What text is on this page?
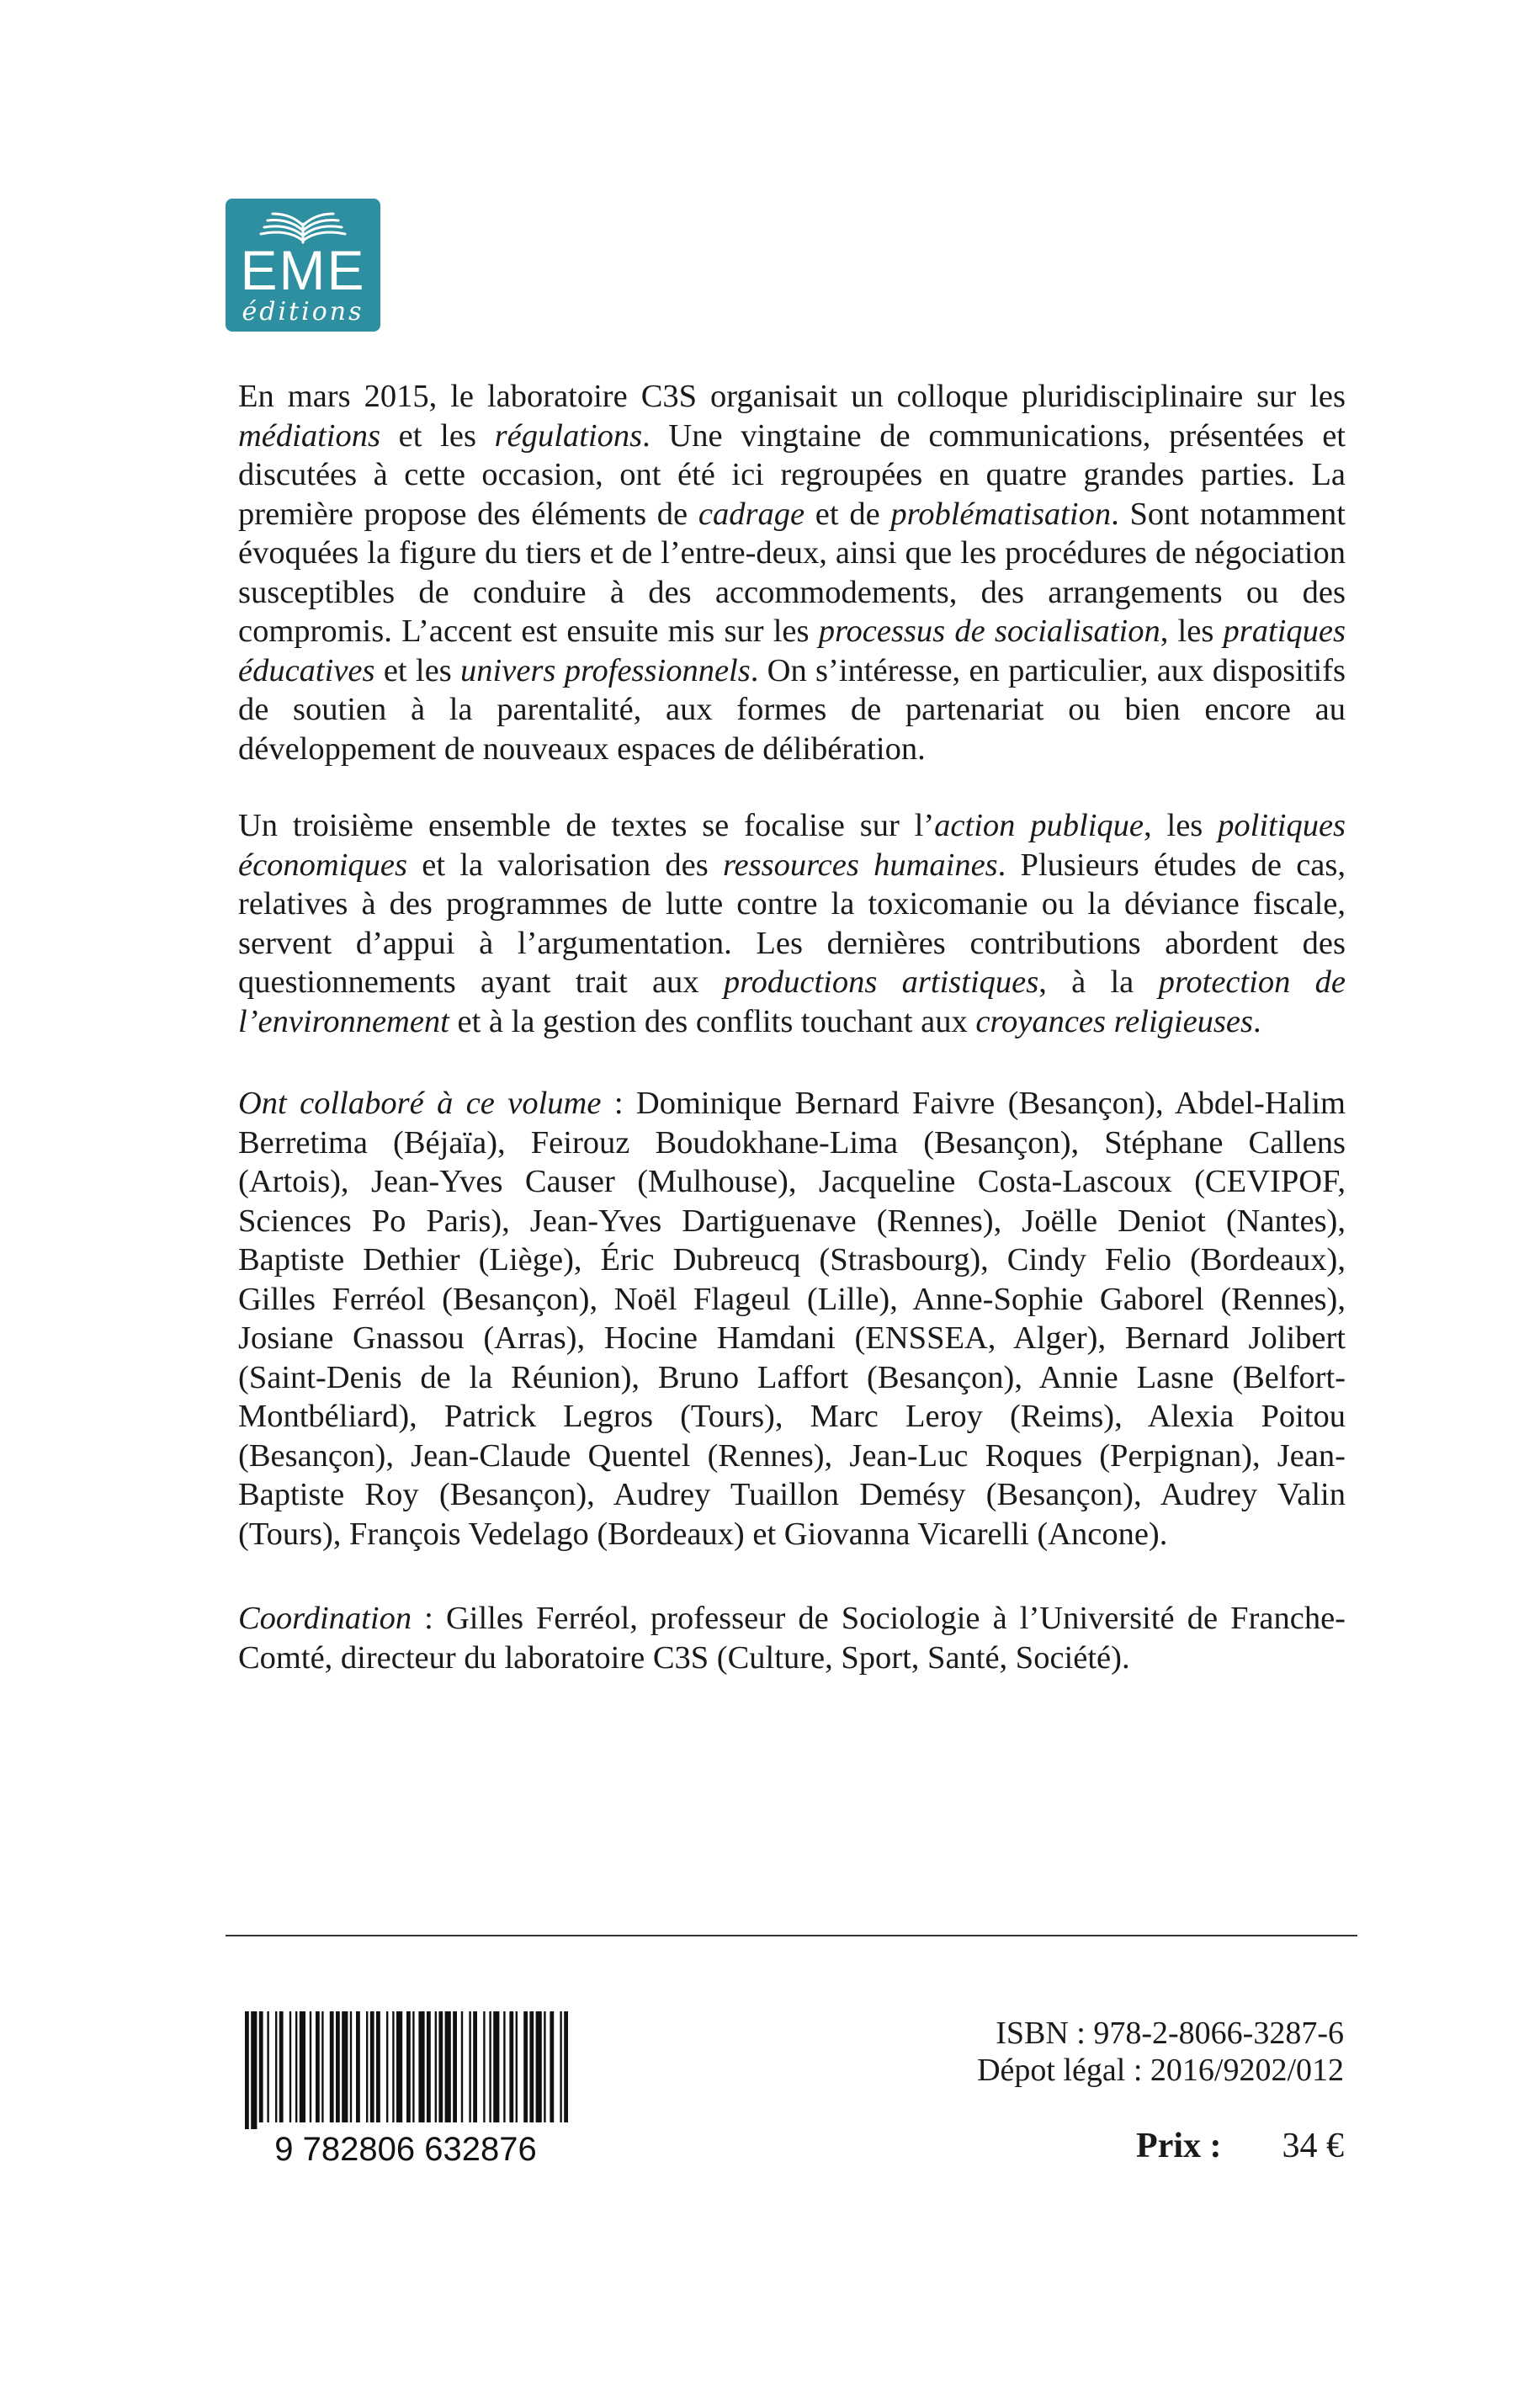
EME
éditions

En mars 2015, le laboratoire C3S organisait un colloque pluridisciplinaire sur les médiations et les régulations. Une vingtaine de communications, présentées et discutées à cette occasion, ont été ici regroupées en quatre grandes parties. La première propose des éléments de cadrage et de problématisation. Sont notamment évoquées la figure du tiers et de l’entre-deux, ainsi que les procédures de négociation susceptibles de conduire à des accommodements, des arrangements ou des compromis. L’accent est ensuite mis sur les processus de socialisation, les pratiques éducatives et les univers professionnels. On s’intéresse, en particulier, aux dispositifs de soutien à la parentalité, aux formes de partenariat ou bien encore au développement de nouveaux espaces de délibération.

Un troisième ensemble de textes se focalise sur l’action publique, les politiques économiques et la valorisation des ressources humaines. Plusieurs études de cas, relatives à des programmes de lutte contre la toxicomanie ou la déviance fiscale, servent d’appui à l’argumentation. Les dernières contributions abordent des questionnements ayant trait aux productions artistiques, à la protection de l’environnement et à la gestion des conflits touchant aux croyances religieuses.

Ont collaboré à ce volume : Dominique Bernard Faivre (Besançon), Abdel-Halim Berretima (Béjaïa), Feirouz Boudokhane-Lima (Besançon), Stéphane Callens (Artois), Jean-Yves Causer (Mulhouse), Jacqueline Costa-Lascoux (CEVIPOF, Sciences Po Paris), Jean-Yves Dartiguenave (Rennes), Joëlle Deniot (Nantes), Baptiste Dethier (Liège), Éric Dubreucq (Strasbourg), Cindy Felio (Bordeaux), Gilles Ferréol (Besançon), Noël Flageul (Lille), Anne-Sophie Gaborel (Rennes), Josiane Gnassou (Arras), Hocine Hamdani (ENSSEA, Alger), Bernard Jolibert (Saint-Denis de la Réunion), Bruno Laffort (Besançon), Annie Lasne (Belfort-Montbéliard), Patrick Legros (Tours), Marc Leroy (Reims), Alexia Poitou (Besançon), Jean-Claude Quentel (Rennes), Jean-Luc Roques (Perpignan), Jean-Baptiste Roy (Besançon), Audrey Tuaillon Demésy (Besançon), Audrey Valin (Tours), François Vedelago (Bordeaux) et Giovanna Vicarelli (Ancone).

Coordination : Gilles Ferréol, professeur de Sociologie à l’Université de Franche-Comté, directeur du laboratoire C3S (Culture, Sport, Santé, Société).

9 782806 632876
ISBN : 978-2-8066-3287-6
Dépot légal : 2016/9202/012
Prix : 34 €
